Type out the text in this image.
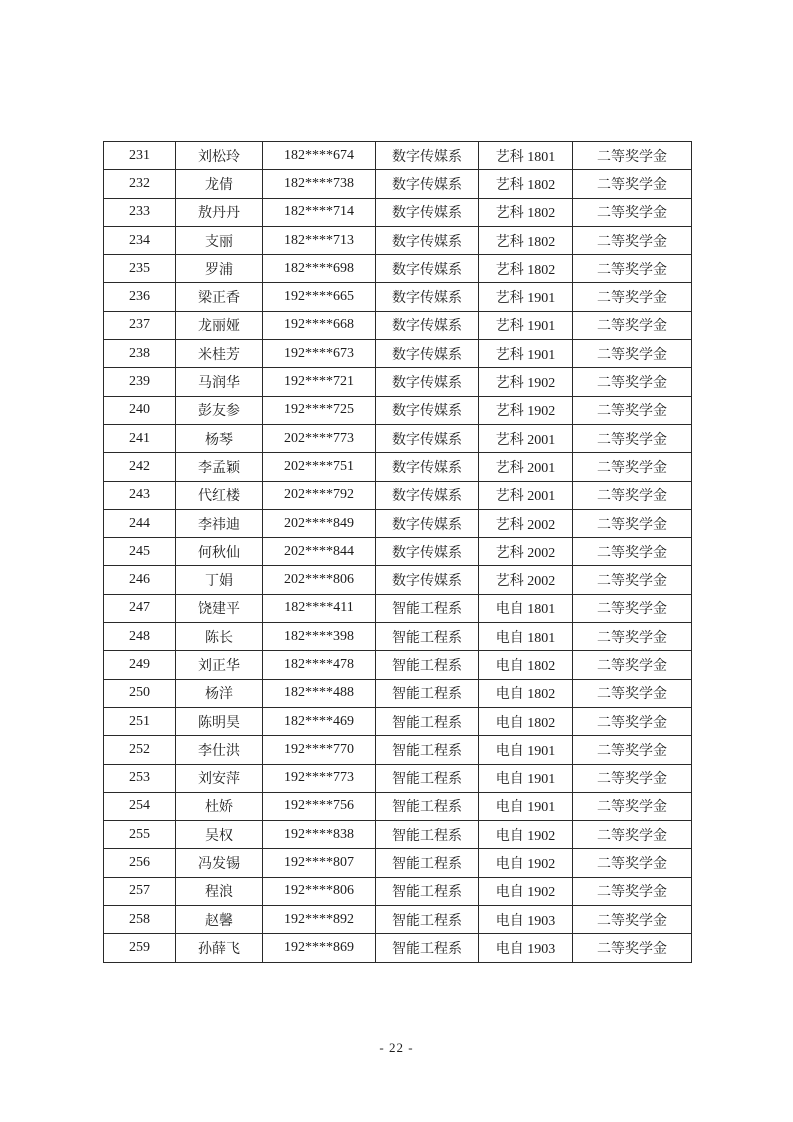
231	刘松玲	182****674	数字传媒系	艺科 1801	二等奖学金
232	龙倩	182****738	数字传媒系	艺科 1802	二等奖学金
233	敖丹丹	182****714	数字传媒系	艺科 1802	二等奖学金
234	支丽	182****713	数字传媒系	艺科 1802	二等奖学金
235	罗浦	182****698	数字传媒系	艺科 1802	二等奖学金
236	梁正香	192****665	数字传媒系	艺科 1901	二等奖学金
237	龙丽娅	192****668	数字传媒系	艺科 1901	二等奖学金
238	米桂芳	192****673	数字传媒系	艺科 1901	二等奖学金
239	马润华	192****721	数字传媒系	艺科 1902	二等奖学金
240	彭友参	192****725	数字传媒系	艺科 1902	二等奖学金
241	杨琴	202****773	数字传媒系	艺科 2001	二等奖学金
242	李孟颖	202****751	数字传媒系	艺科 2001	二等奖学金
243	代红楼	202****792	数字传媒系	艺科 2001	二等奖学金
244	李祎迪	202****849	数字传媒系	艺科 2002	二等奖学金
245	何秋仙	202****844	数字传媒系	艺科 2002	二等奖学金
246	丁娟	202****806	数字传媒系	艺科 2002	二等奖学金
247	饶建平	182****411	智能工程系	电自 1801	二等奖学金
248	陈长	182****398	智能工程系	电自 1801	二等奖学金
249	刘正华	182****478	智能工程系	电自 1802	二等奖学金
250	杨洋	182****488	智能工程系	电自 1802	二等奖学金
251	陈明昊	182****469	智能工程系	电自 1802	二等奖学金
252	李仕洪	192****770	智能工程系	电自 1901	二等奖学金
253	刘安萍	192****773	智能工程系	电自 1901	二等奖学金
254	杜娇	192****756	智能工程系	电自 1901	二等奖学金
255	吴权	192****838	智能工程系	电自 1902	二等奖学金
256	冯发锡	192****807	智能工程系	电自 1902	二等奖学金
257	程浪	192****806	智能工程系	电自 1902	二等奖学金
258	赵馨	192****892	智能工程系	电自 1903	二等奖学金
259	孙薛飞	192****869	智能工程系	电自 1903	二等奖学金
- 22 -
